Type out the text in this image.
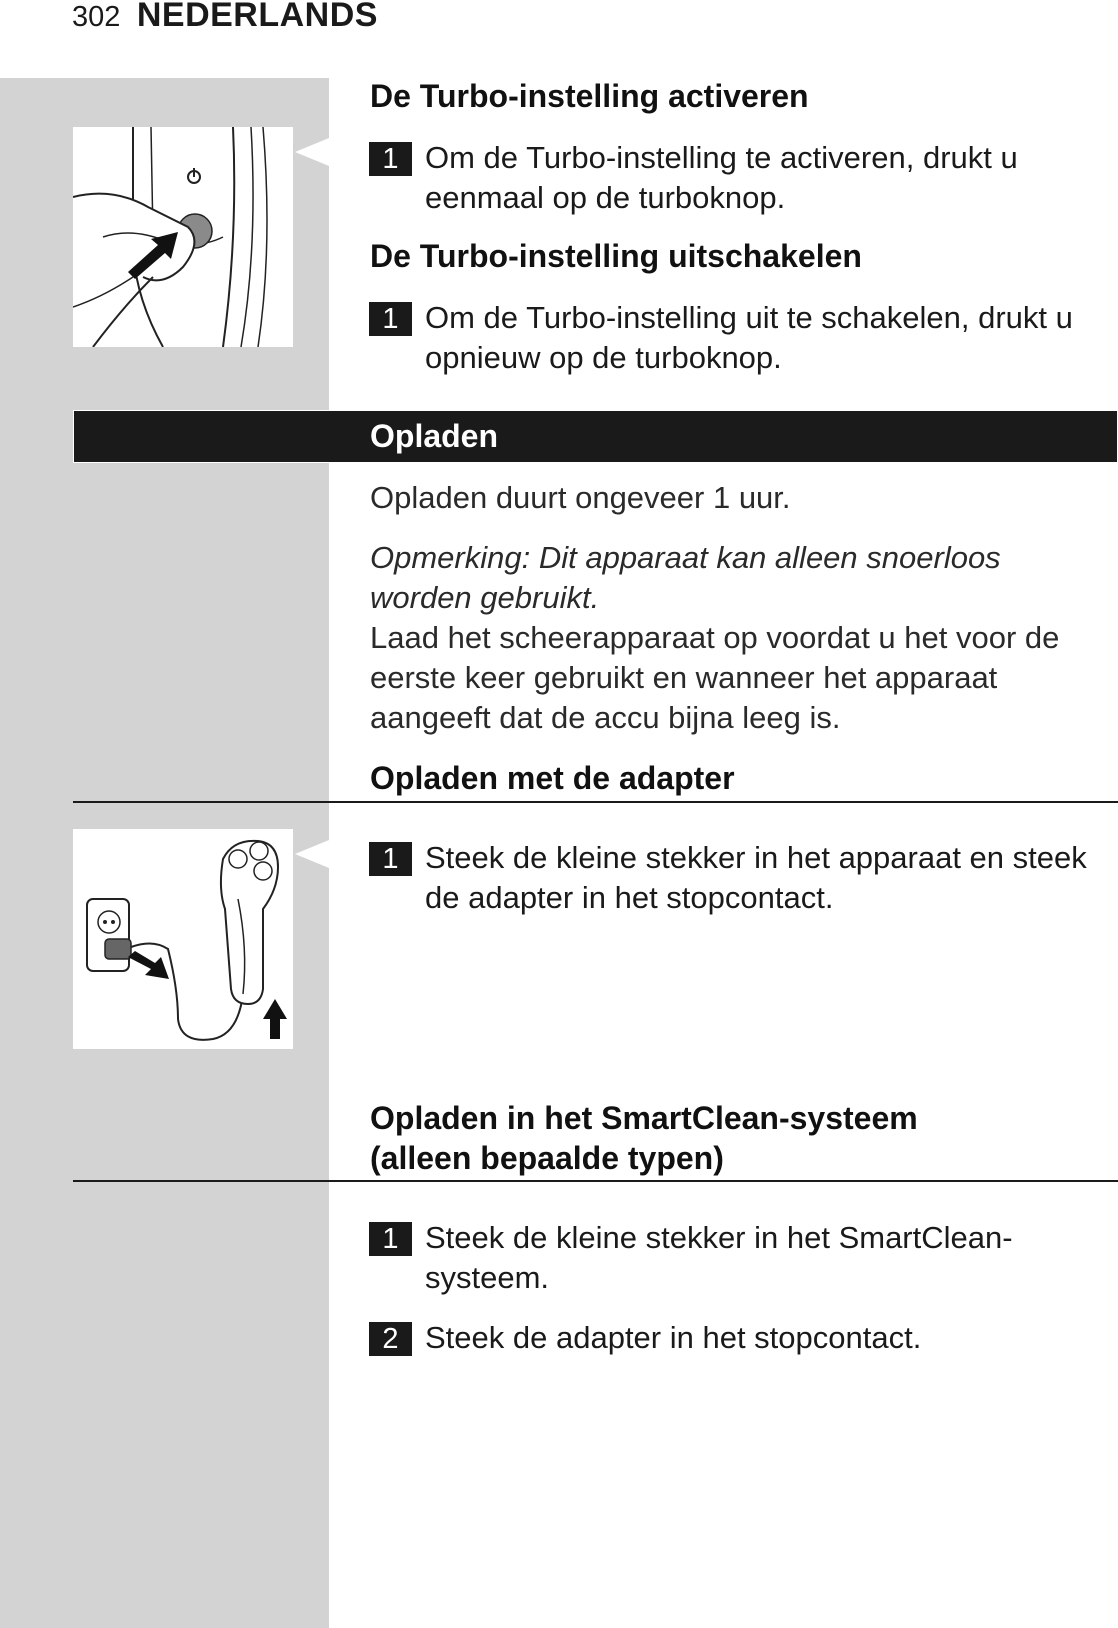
302 NEDERLANDS
De Turbo-instelling activeren
1 Om de Turbo-instelling te activeren, drukt u eenmaal op de turboknop.
De Turbo-instelling uitschakelen
1 Om de Turbo-instelling uit te schakelen, drukt u opnieuw op de turboknop.
Opladen

Opladen duurt ongeveer 1 uur.

Opmerking: Dit apparaat kan alleen snoerloos worden gebruikt.

Laad het scheerapparaat op voordat u het voor de eerste keer gebruikt en wanneer het apparaat aangeeft dat de accu bijna leeg is.

Opladen met de adapter
1 Steek de kleine stekker in het apparaat en steek de adapter in het stopcontact.
Opladen in het SmartClean-systeem
(alleen bepaalde typen)
1 Steek de kleine stekker in het SmartClean-systeem.
2 Steek de adapter in het stopcontact.
